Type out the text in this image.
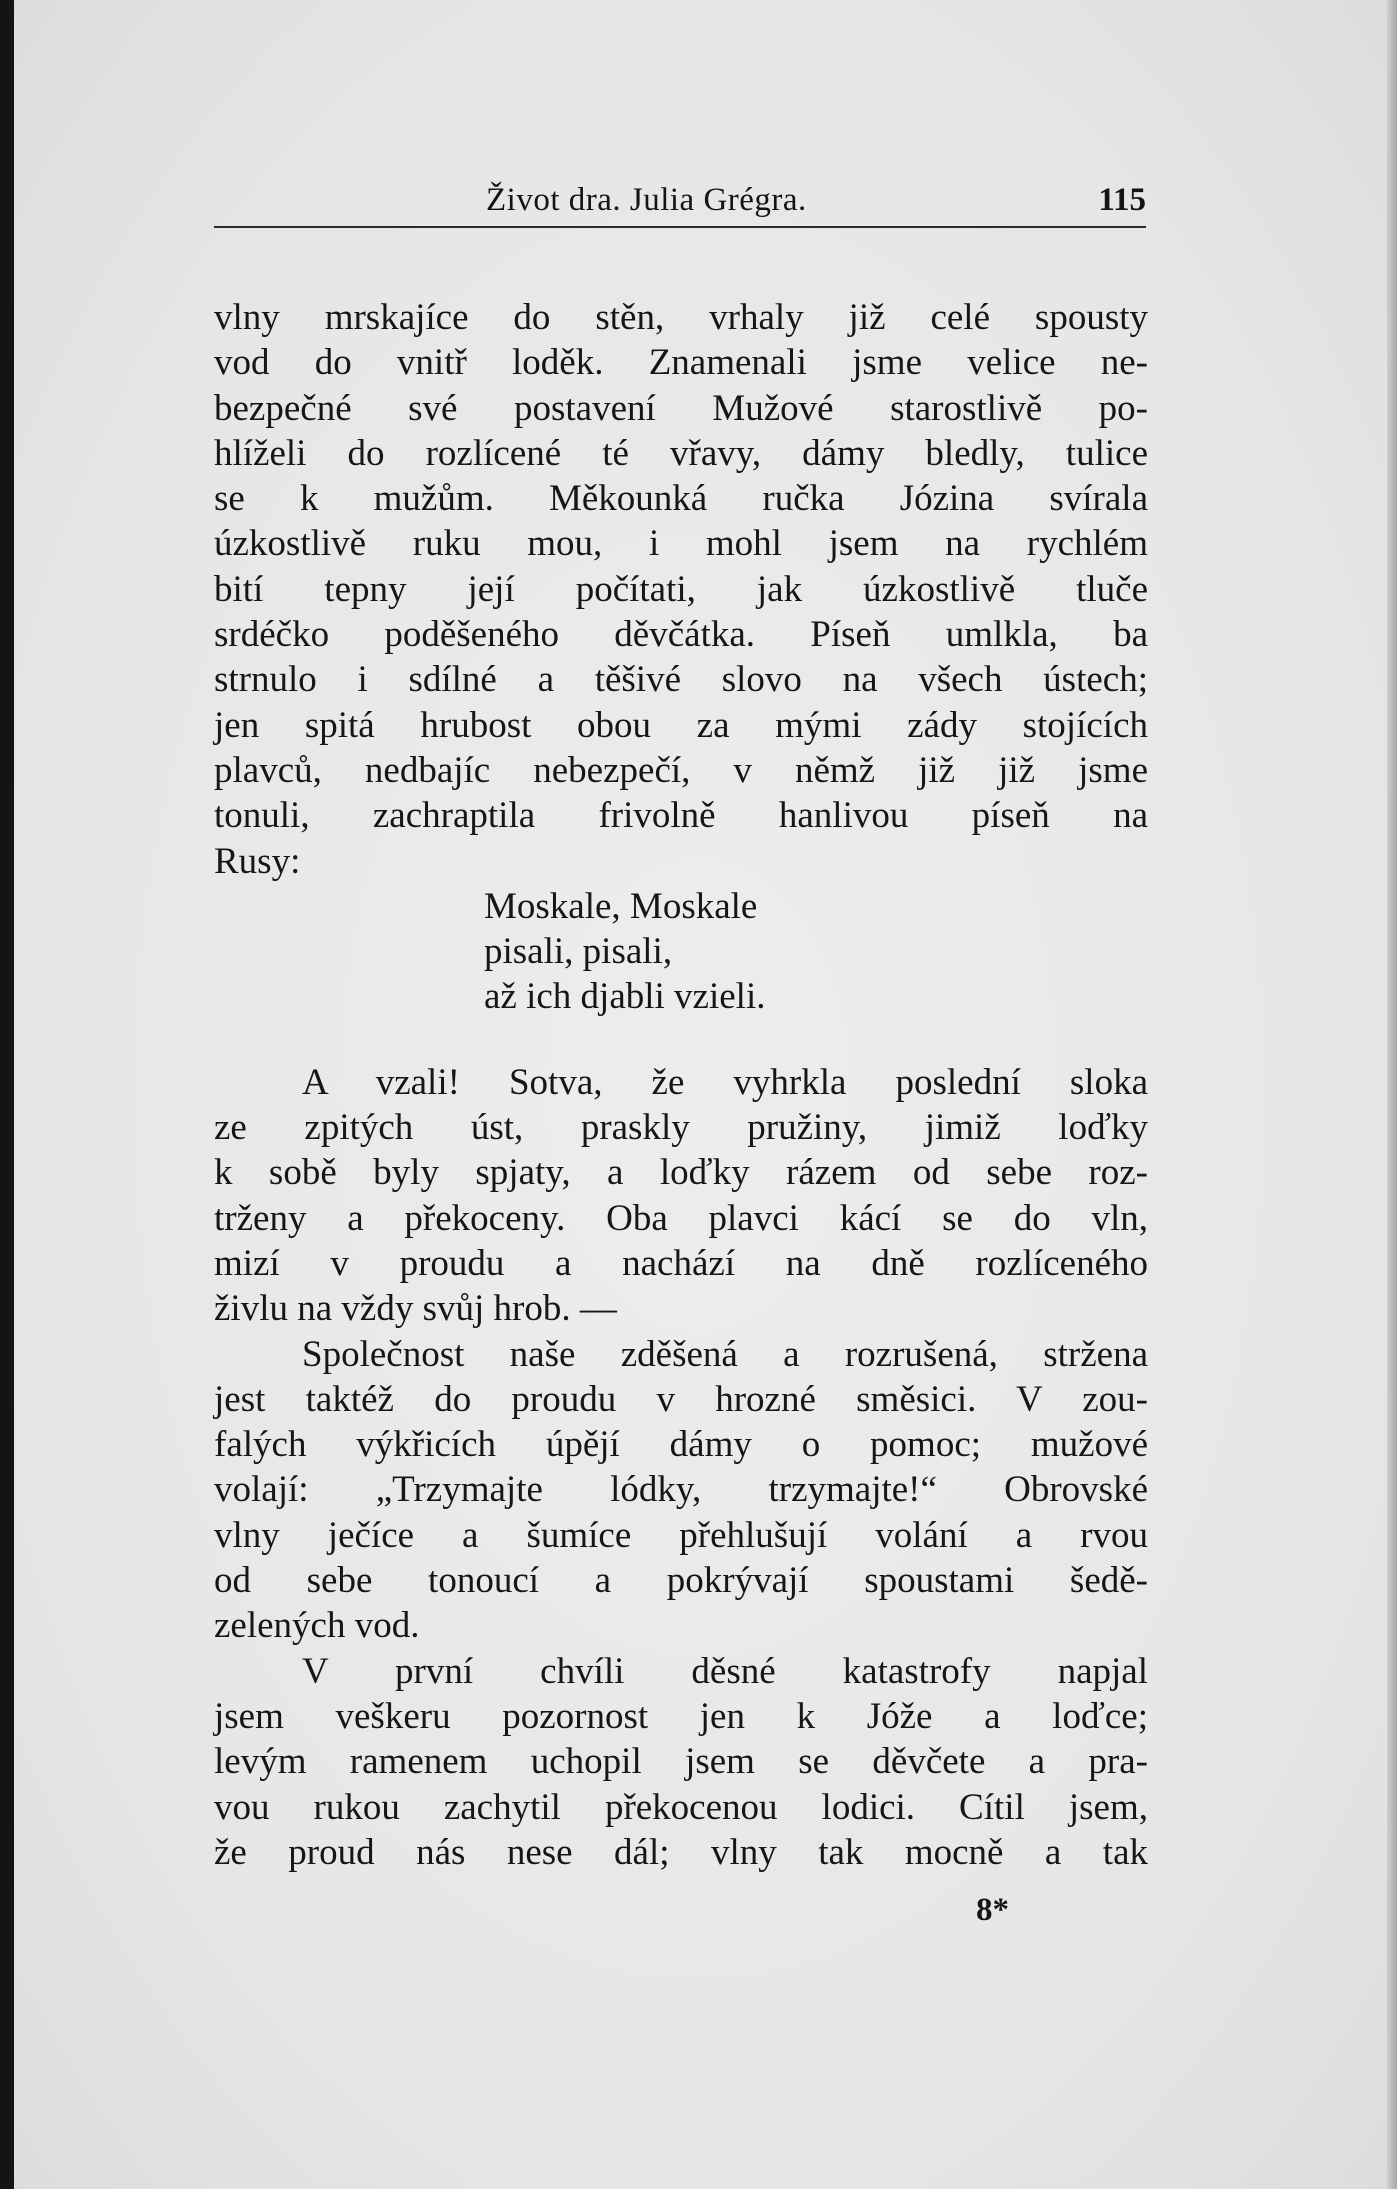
Život dra. Julia Grégra.	115
vlny mrskajíce do stěn, vrhaly již celé spousty
vod do vnitř loděk. Znamenali jsme velice ne-
bezpečné své postavení Mužové starostlivě po-
hlíželi do rozlícené té vřavy, dámy bledly, tulice
se k mužům. Měkounká ručka Józina svírala
úzkostlivě ruku mou, i mohl jsem na rychlém
bití tepny její počítati, jak úzkostlivě tluče
srdéčko poděšeného děvčátka. Píseň umlkla, ba
strnulo i sdílné a těšivé slovo na všech ústech;
jen spitá hrubost obou za mými zády stojících
plavců, nedbajíc nebezpečí, v němž již již jsme
tonuli, zachraptila frivolně hanlivou píseň na
Rusy:
Moskale, Moskale
pisali, pisali,
až ich djabli vzieli.
A vzali! Sotva, že vyhrkla poslední sloka
ze zpitých úst, praskly pružiny, jimiž loďky
k sobě byly spjaty, a loďky rázem od sebe roz-
trženy a překoceny. Oba plavci kácí se do vln,
mizí v proudu a nachází na dně rozlíceného
živlu na vždy svůj hrob. —
Společnost naše zděšená a rozrušená, stržena
jest taktéž do proudu v hrozné směsici. V zou-
falých výkřicích úpějí dámy o pomoc; mužové
volají: „Trzymajte lódky, trzymajte!“ Obrovské
vlny ječíce a šumíce přehlušují volání a rvou
od sebe tonoucí a pokrývají spoustami šedě-
zelených vod.
V první chvíli děsné katastrofy napjal
jsem veškeru pozornost jen k Jóže a loďce;
levým ramenem uchopil jsem se děvčete a pra-
vou rukou zachytil překocenou lodici. Cítil jsem,
že proud nás nese dál; vlny tak mocně a tak
8*
